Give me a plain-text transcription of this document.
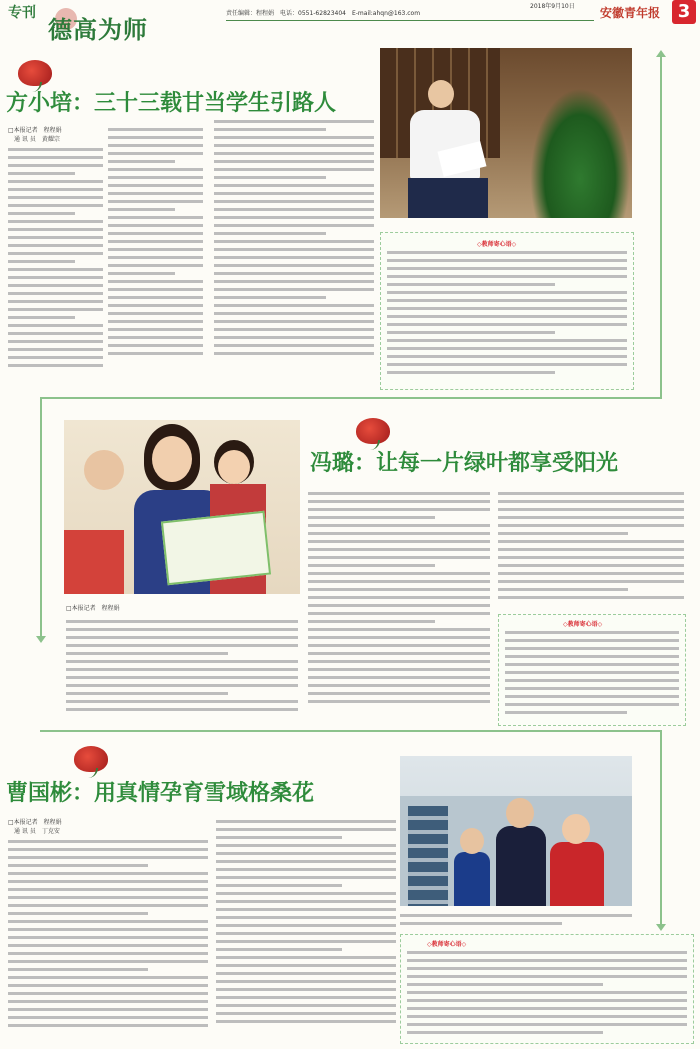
专刊
德高为师
责任编辑：程程娟　电话：0551-62823404　E-mail:ahqn@163.com
2018年9月10日 安徽青年报 3
方小培：三十三载甘当学生引路人
□本报记者　程程娟
　通 讯 员　黄耀宗
◇教师寄心语◇
冯璐：让每一片绿叶都享受阳光
□本报记者　程程娟
◇教师寄心语◇
曹国彬：用真情孕育雪域格桑花
□本报记者　程程娟
　通 讯 员　丁克安
◇教师寄心语◇
